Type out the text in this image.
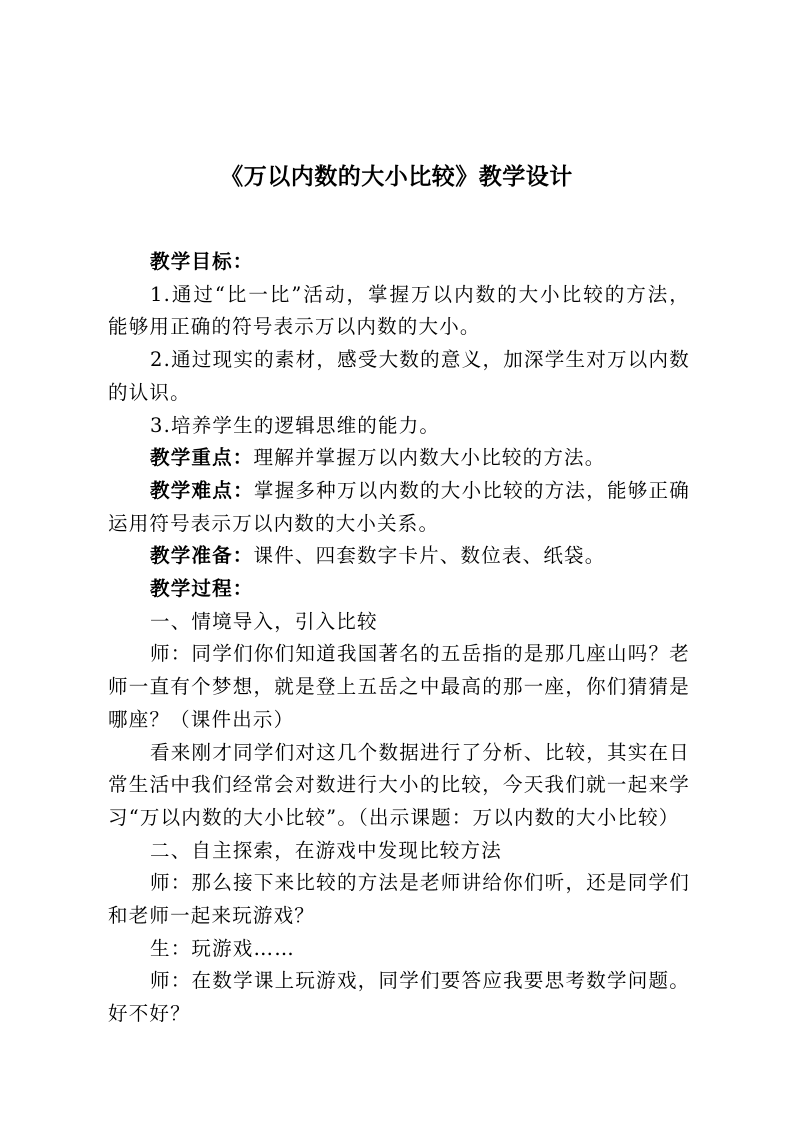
《万以内数的大小比较》教学设计

教学目标：

1.通过“比一比”活动，掌握万以内数的大小比较的方法，能够用正确的符号表示万以内数的大小。

2.通过现实的素材，感受大数的意义，加深学生对万以内数的认识。

3.培养学生的逻辑思维的能力。

教学重点：理解并掌握万以内数大小比较的方法。

教学难点：掌握多种万以内数的大小比较的方法，能够正确运用符号表示万以内数的大小关系。

教学准备：课件、四套数字卡片、数位表、纸袋。

教学过程：

一、情境导入，引入比较

师：同学们你们知道我国著名的五岳指的是那几座山吗？老师一直有个梦想，就是登上五岳之中最高的那一座，你们猜猜是哪座？（课件出示）

看来刚才同学们对这几个数据进行了分析、比较，其实在日常生活中我们经常会对数进行大小的比较，今天我们就一起来学习“万以内数的大小比较”。（出示课题：万以内数的大小比较）

二、自主探索，在游戏中发现比较方法

师：那么接下来比较的方法是老师讲给你们听，还是同学们和老师一起来玩游戏？

生：玩游戏……

师：在数学课上玩游戏，同学们要答应我要思考数学问题。好不好？
